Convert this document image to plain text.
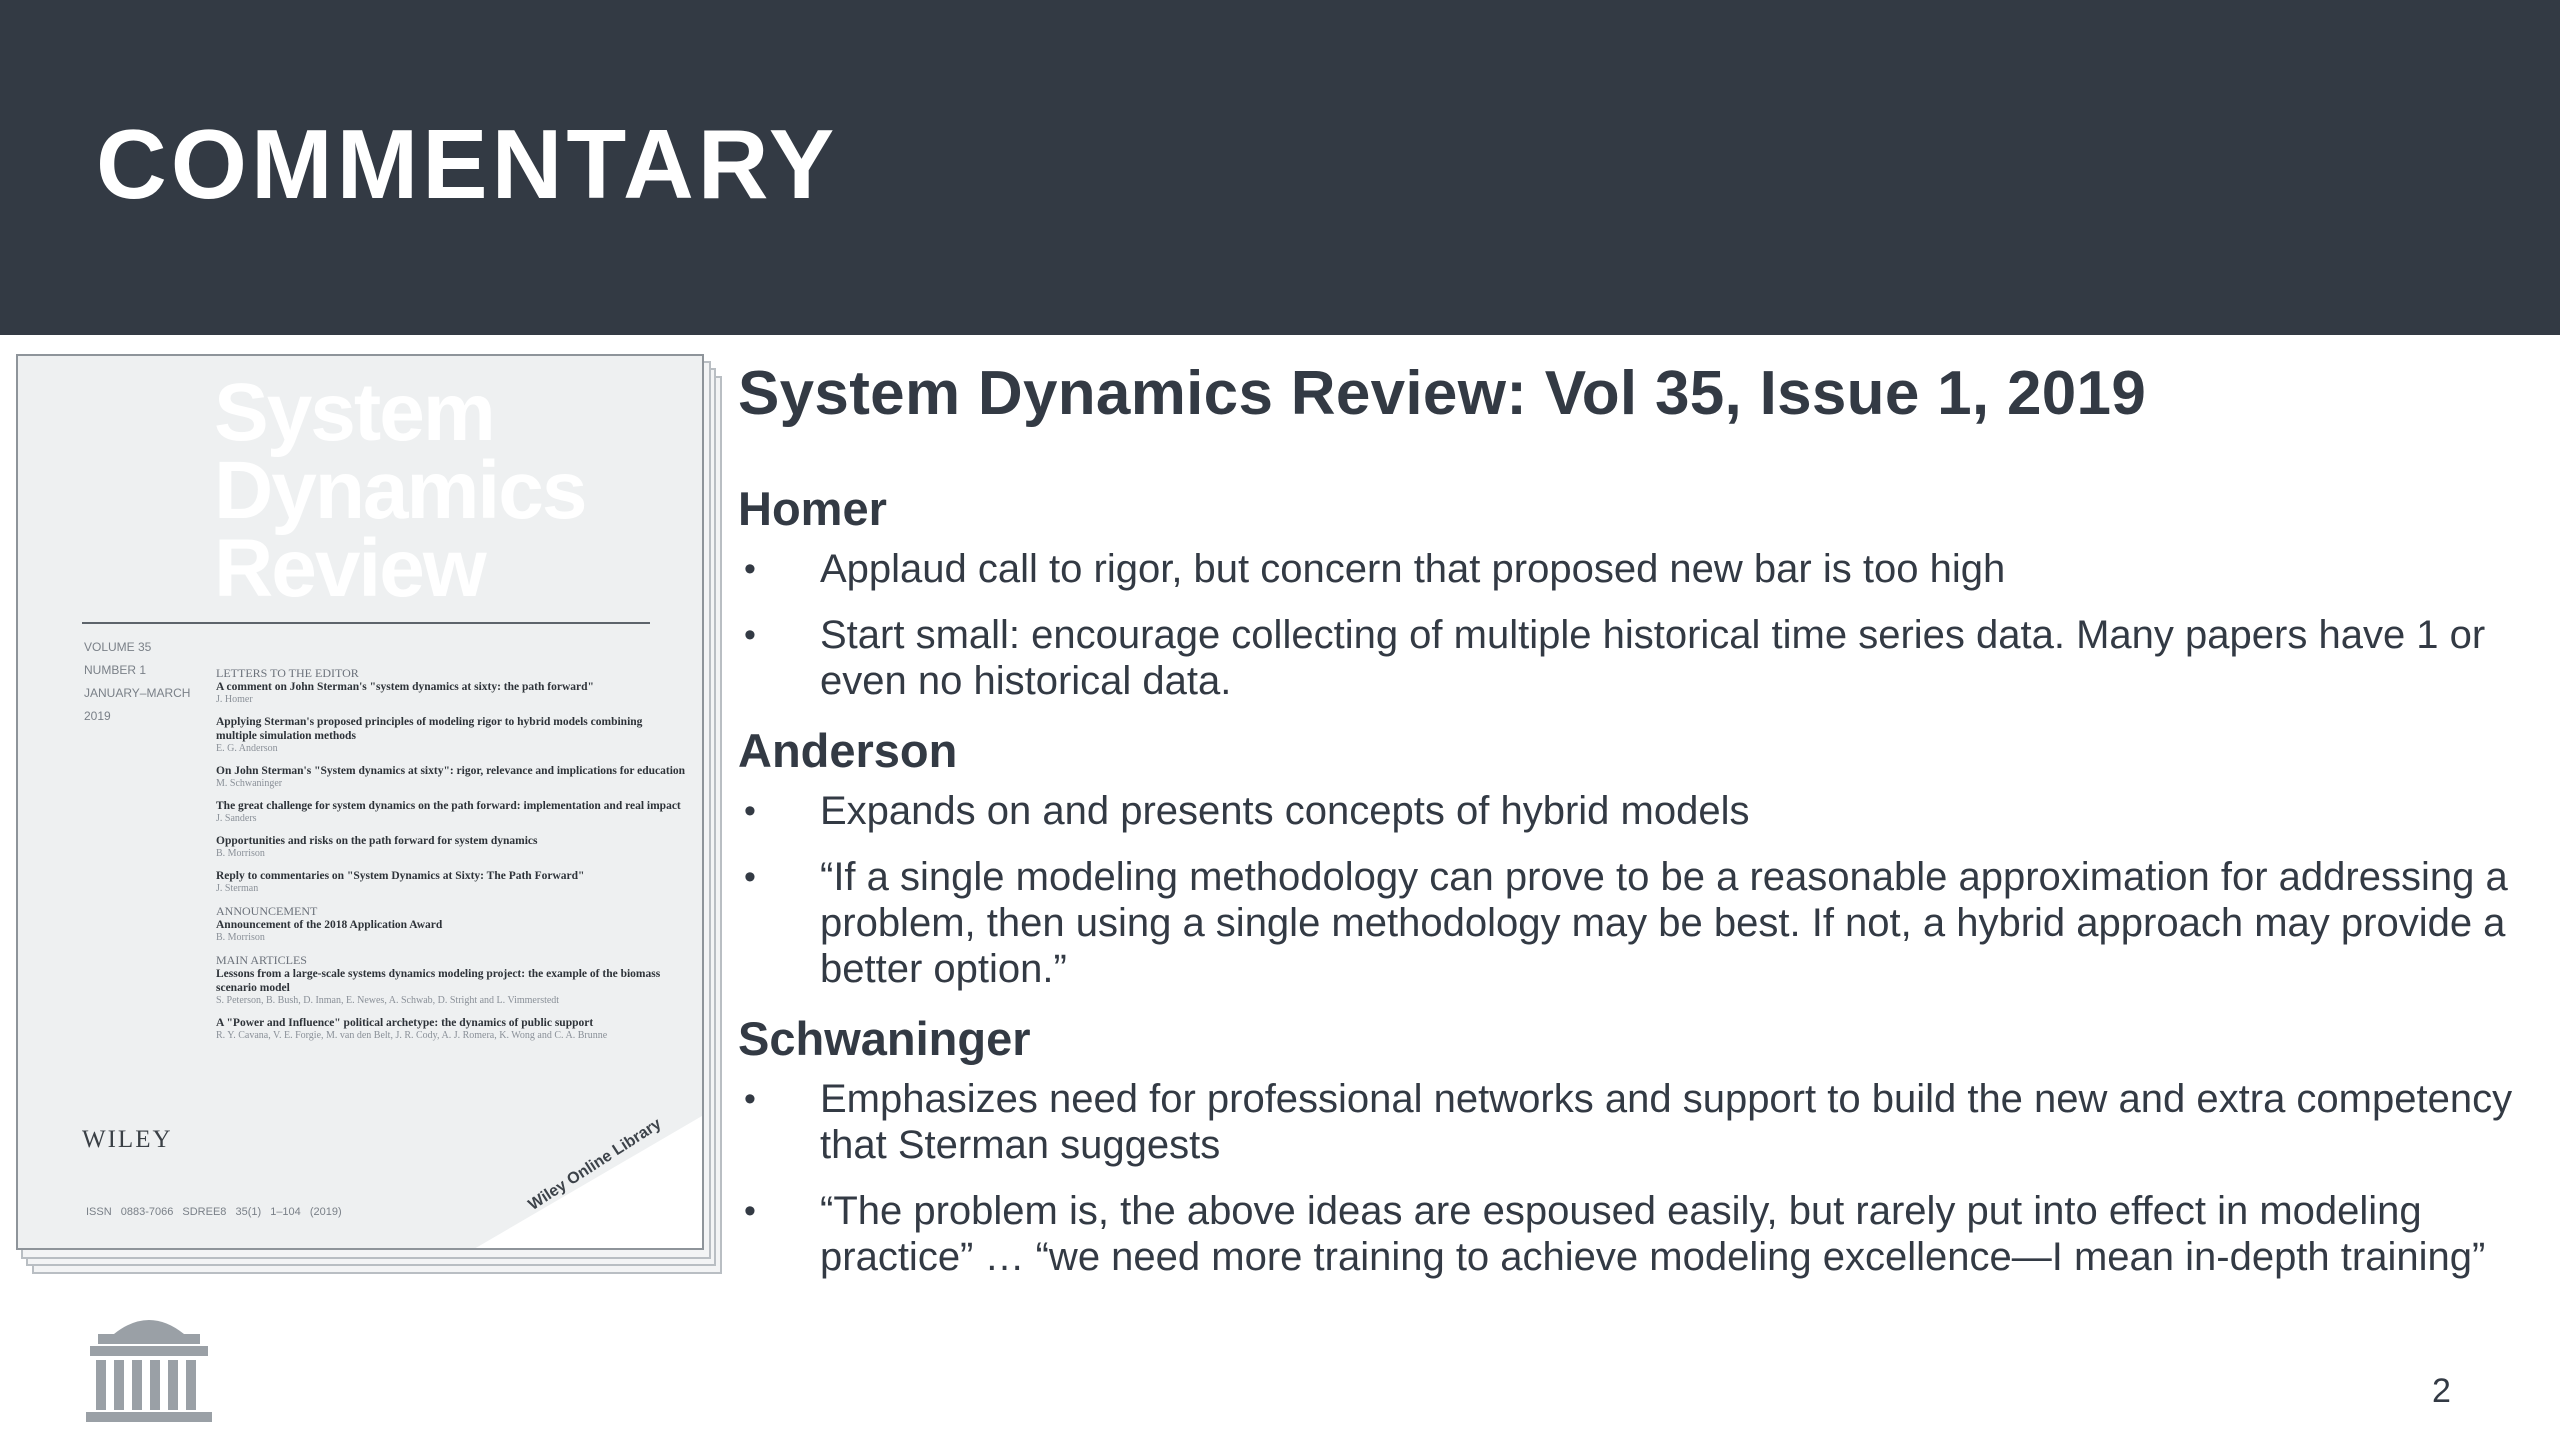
COMMENTARY
System
Dynamics
Review
VOLUME 35
NUMBER 1
JANUARY–MARCH
2019
LETTERS TO THE EDITOR
A comment on John Sterman's "system dynamics at sixty: the path forward"
J. Homer
Applying Sterman's proposed principles of modeling rigor to hybrid models combining multiple simulation methods
E. G. Anderson
On John Sterman's "System dynamics at sixty": rigor, relevance and implications for education
M. Schwaninger
The great challenge for system dynamics on the path forward: implementation and real impact
J. Sanders
Opportunities and risks on the path forward for system dynamics
B. Morrison
Reply to commentaries on "System Dynamics at Sixty: The Path Forward"
J. Sterman
ANNOUNCEMENT
Announcement of the 2018 Application Award
B. Morrison
MAIN ARTICLES
Lessons from a large-scale systems dynamics modeling project: the example of the biomass scenario model
S. Peterson, B. Bush, D. Inman, E. Newes, A. Schwab, D. Stright and L. Vimmerstedt
A "Power and Influence" political archetype: the dynamics of public support
R. Y. Cavana, V. E. Forgie, M. van den Belt, J. R. Cody, A. J. Romera, K. Wong and C. A. Brunne
Wiley Online Library
WILEY
ISSN 0883-7066 SDREE8 35(1) 1–104 (2019)
System Dynamics Review: Vol 35, Issue 1, 2019
Homer
• Applaud call to rigor, but concern that proposed new bar is too high
• Start small: encourage collecting of multiple historical time series data. Many papers have 1 or even no historical data.
Anderson
• Expands on and presents concepts of hybrid models
• “If a single modeling methodology can prove to be a reasonable approximation for addressing a problem, then using a single methodology may be best. If not, a hybrid approach may provide a better option.”
Schwaninger
• Emphasizes need for professional networks and support to build the new and extra competency that Sterman suggests
• “The problem is, the above ideas are espoused easily, but rarely put into effect in modeling practice” … “we need more training to achieve modeling excellence—I mean in-depth training”
2
